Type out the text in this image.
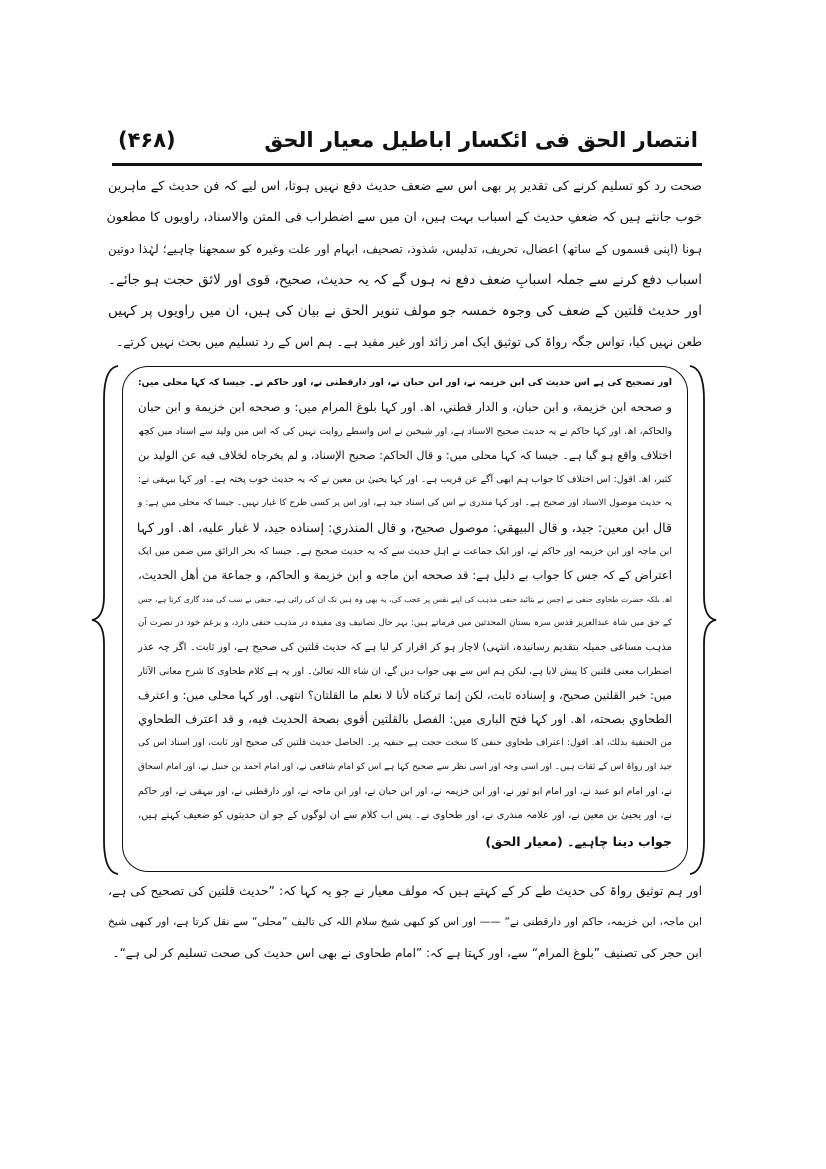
انتصار الحق فی ائکسار اباطیل معیار الحق
(۴۶۸)
صحت رد کو تسلیم کرنے کی تقدیر پر بھی اس سے ضعف حدیث دفع نہیں ہوتا، اس لیے کہ فن حدیث کے ماہرین
خوب جانتے ہیں کہ ضعفِ حدیث کے اسباب بہت ہیں، ان میں سے اضطراب فی المتن والاسناد، راویوں کا مطعون
ہونا (اپنی قسموں کے ساتھ) اعضال، تحریف، تدلیس، شذوذ، تصحیف، ابہام اور علت وغیرہ کو سمجھنا چاہیے؛ لہٰذا دوتین
اسباب دفع کرنے سے جملہ اسبابِ ضعف دفع نہ ہوں گے کہ یہ حدیث، صحیح، قوی اور لائق حجت ہو جائے۔
اور حدیث قلتین کے ضعف کی وجوہ خمسہ جو مولف تنویر الحق نے بیان کی ہیں، ان میں راویوں پر کہیں
طعن نہیں کیا، تواس جگہ رواۃ کی توثیق ایک امر زائد اور غیر مفید ہے۔ ہم اس کے رد تسلیم میں بحث نہیں کرتے۔
اور تصحیح کی ہے اس حدیث کی ابن خزیمہ نے، اور ابن حبان نے، اور دارقطنی نے، اور حاکم نے۔ جیسا کہ کہا محلی میں:
و صححه ابن خزيمة، و ابن حبان، و الدار قطني، اھ. اور کہا بلوغ المرام میں: و صححه ابن خزيمة و ابن حبان
والحاكم، اھ. اور کہا حاکم نے یہ حدیث صحیح الاسناد ہے، اور شیخین نے اس واسطے روایت نہیں کی کہ اس میں ولید سے اسناد میں کچھ
اختلاف واقع ہو گیا ہے۔ جیسا کہ کہا محلی میں: و قال الحاكم: صحيح الإسناد، و لم يخرجاه لخلاف فيه عن الوليد بن
كثير، اھ. اقول: اس اختلاف کا جواب ہم ابھی آگے عن قریب ہے۔ اور کہا یحییٰ بن معین نے کہ یہ حدیث خوب پختہ ہے۔ اور کہا بیہقی نے:
یہ حدیث موصول الاسناد اور صحیح ہے۔ اور کہا منذری نے اس کی اسناد جید ہے، اور اس پر کسی طرح کا غبار نہیں۔ جیسا کہ محلی میں ہے: و
قال ابن معين: جيد، و قال البيهقي: موصول صحيح، و قال المنذري: إسناده جيد، لا غبار عليه، اھ. اور کہا
ابن ماجہ اور ابن خزیمہ اور حاکم نے، اور ایک جماعت نے اہل حدیث سے کہ یہ حدیث صحیح ہے۔ جیسا کہ بحر الرائق میں ضمن میں ایک
اعتراض کے کہ جس کا جواب بے دلیل ہے: قد صححه ابن ماجه و ابن خزيمة و الحاكم، و جماعة من أهل الحديث،
اھ. بلکہ حضرت طحاوی حنفی نے (جس نے بتائید حنفی مذہب کی اپنے نفس پر عجب کی، یہ بھی وہ ہیں تک ان کی رائی ہے، حنفی نے سب کی مدد گاری کرتا ہے، جس
کے حق میں شاہ عبدالعزیز قدس سرہ بستان المحدثین میں فرماتے ہیں: بہر حال تصانیف وی مفیدہ در مذہب حنفی دارد، و بزعم خود در نصرت آن
مذہب مساعی جمیلہ بتقدیم رسانیدہ، انتہی) لاچار ہو کر اقرار کر لیا ہے کہ حدیث قلتین کی صحیح ہے، اور ثابت۔ اگر چہ عذر
اضطراب معنی قلتین کا پیش لایا ہے، لیکن ہم اس سے بھی جواب دیں گے، ان شاء اللہ تعالیٰ۔ اور یہ ہے کلام طحاوی کا شرح معانی الآثار
میں: خبر القلتين صحيح، و إسناده ثابت، لكن إنما تركناه لأنا لا نعلم ما القلتان؟ انتهى. اور کہا محلی میں: و اعترف
الطحاوي بصحته، اھ. اور کہا فتح الباری میں: الفصل بالقلتين أقوى بصحة الحديث فيه، و قد اعترف الطحاوي
من الحنفية بذلك، اھ. اقول: اعتراف طحاوی حنفی کا سخت حجت ہے حنفیہ پر۔ الحاصل حدیث قلتین کی صحیح اور ثابت، اور اسناد اس کی
جید اور رواۃ اس کے ثقات ہیں۔ اور اسی وجہ اور اسی نظر سے صحیح کہا ہے اس کو امام شافعی نے، اور امام احمد بن حنبل نے، اور امام اسحاق
نے، اور امام ابو عبید نے، اور امام ابو ثور نے، اور ابن خزیمہ نے، اور ابن حبان نے، اور ابن ماجہ نے، اور دارقطنی نے، اور بیہقی نے، اور حاکم
نے، اور یحییٰ بن معین نے، اور علامہ منذری نے، اور طحاوی نے۔ پس اب کلام سے ان لوگوں کے جو ان حدیثوں کو ضعیف کہتے ہیں،
جواب دینا چاہیے۔ (معیار الحق)
اور ہم توثیق رواۃ کی حدیث طے کر کے کہتے ہیں کہ مولف معیار نے جو یہ کہا کہ: ”حدیث قلتین کی تصحیح کی ہے،
ابن ماجہ، ابن خزیمہ، حاکم اور دارقطنی نے“ —— اور اس کو کبھی شیخ سلام اللہ کی تالیف ”محلی“ سے نقل کرتا ہے، اور کبھی شیخ
ابن حجر کی تصنیف ”بلوغ المرام“ سے، اور کہتا ہے کہ: ”امام طحاوی نے بھی اس حدیث کی صحت تسلیم کر لی ہے“۔
